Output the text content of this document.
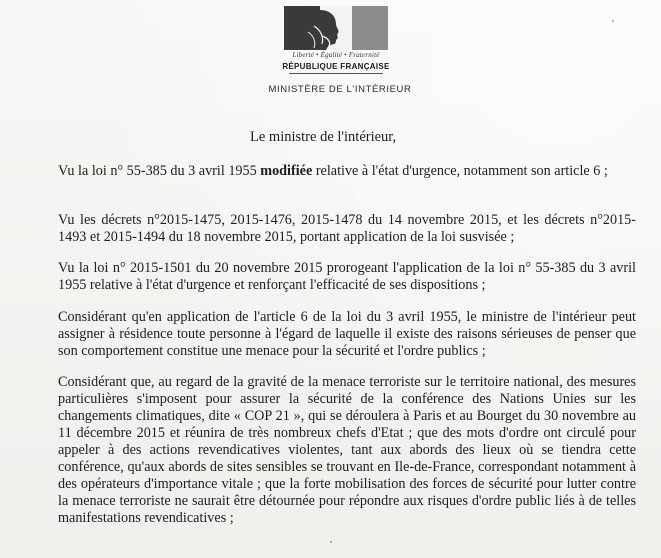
Liberté • Égalité • Fraternité
RÉPUBLIQUE FRANÇAISE
MINISTÈRE DE L'INTÉRIEUR
Le ministre de l'intérieur,
Vu la loi n° 55-385 du 3 avril 1955 modifiée relative à l'état d'urgence, notamment son article 6 ;
Vu les décrets n°2015-1475, 2015-1476, 2015-1478 du 14 novembre 2015, et les décrets n°2015-1493 et 2015-1494 du 18 novembre 2015, portant application de la loi susvisée ;
Vu la loi n° 2015-1501 du 20 novembre 2015 prorogeant l'application de la loi n° 55-385 du 3 avril 1955 relative à l'état d'urgence et renforçant l'efficacité de ses dispositions ;
Considérant qu'en application de l'article 6 de la loi du 3 avril 1955, le ministre de l'intérieur peut assigner à résidence toute personne à l'égard de laquelle il existe des raisons sérieuses de penser que son comportement constitue une menace pour la sécurité et l'ordre publics ;
Considérant que, au regard de la gravité de la menace terroriste sur le territoire national, des mesures particulières s'imposent pour assurer la sécurité de la conférence des Nations Unies sur les changements climatiques, dite « COP 21 », qui se déroulera à Paris et au Bourget du 30 novembre au 11 décembre 2015 et réunira de très nombreux chefs d'Etat ; que des mots d'ordre ont circulé pour appeler à des actions revendicatives violentes, tant aux abords des lieux où se tiendra cette conférence, qu'aux abords de sites sensibles se trouvant en Ile-de-France, correspondant notamment à des opérateurs d'importance vitale ; que la forte mobilisation des forces de sécurité pour lutter contre la menace terroriste ne saurait être détournée pour répondre aux risques d'ordre public liés à de telles manifestations revendicatives ;
